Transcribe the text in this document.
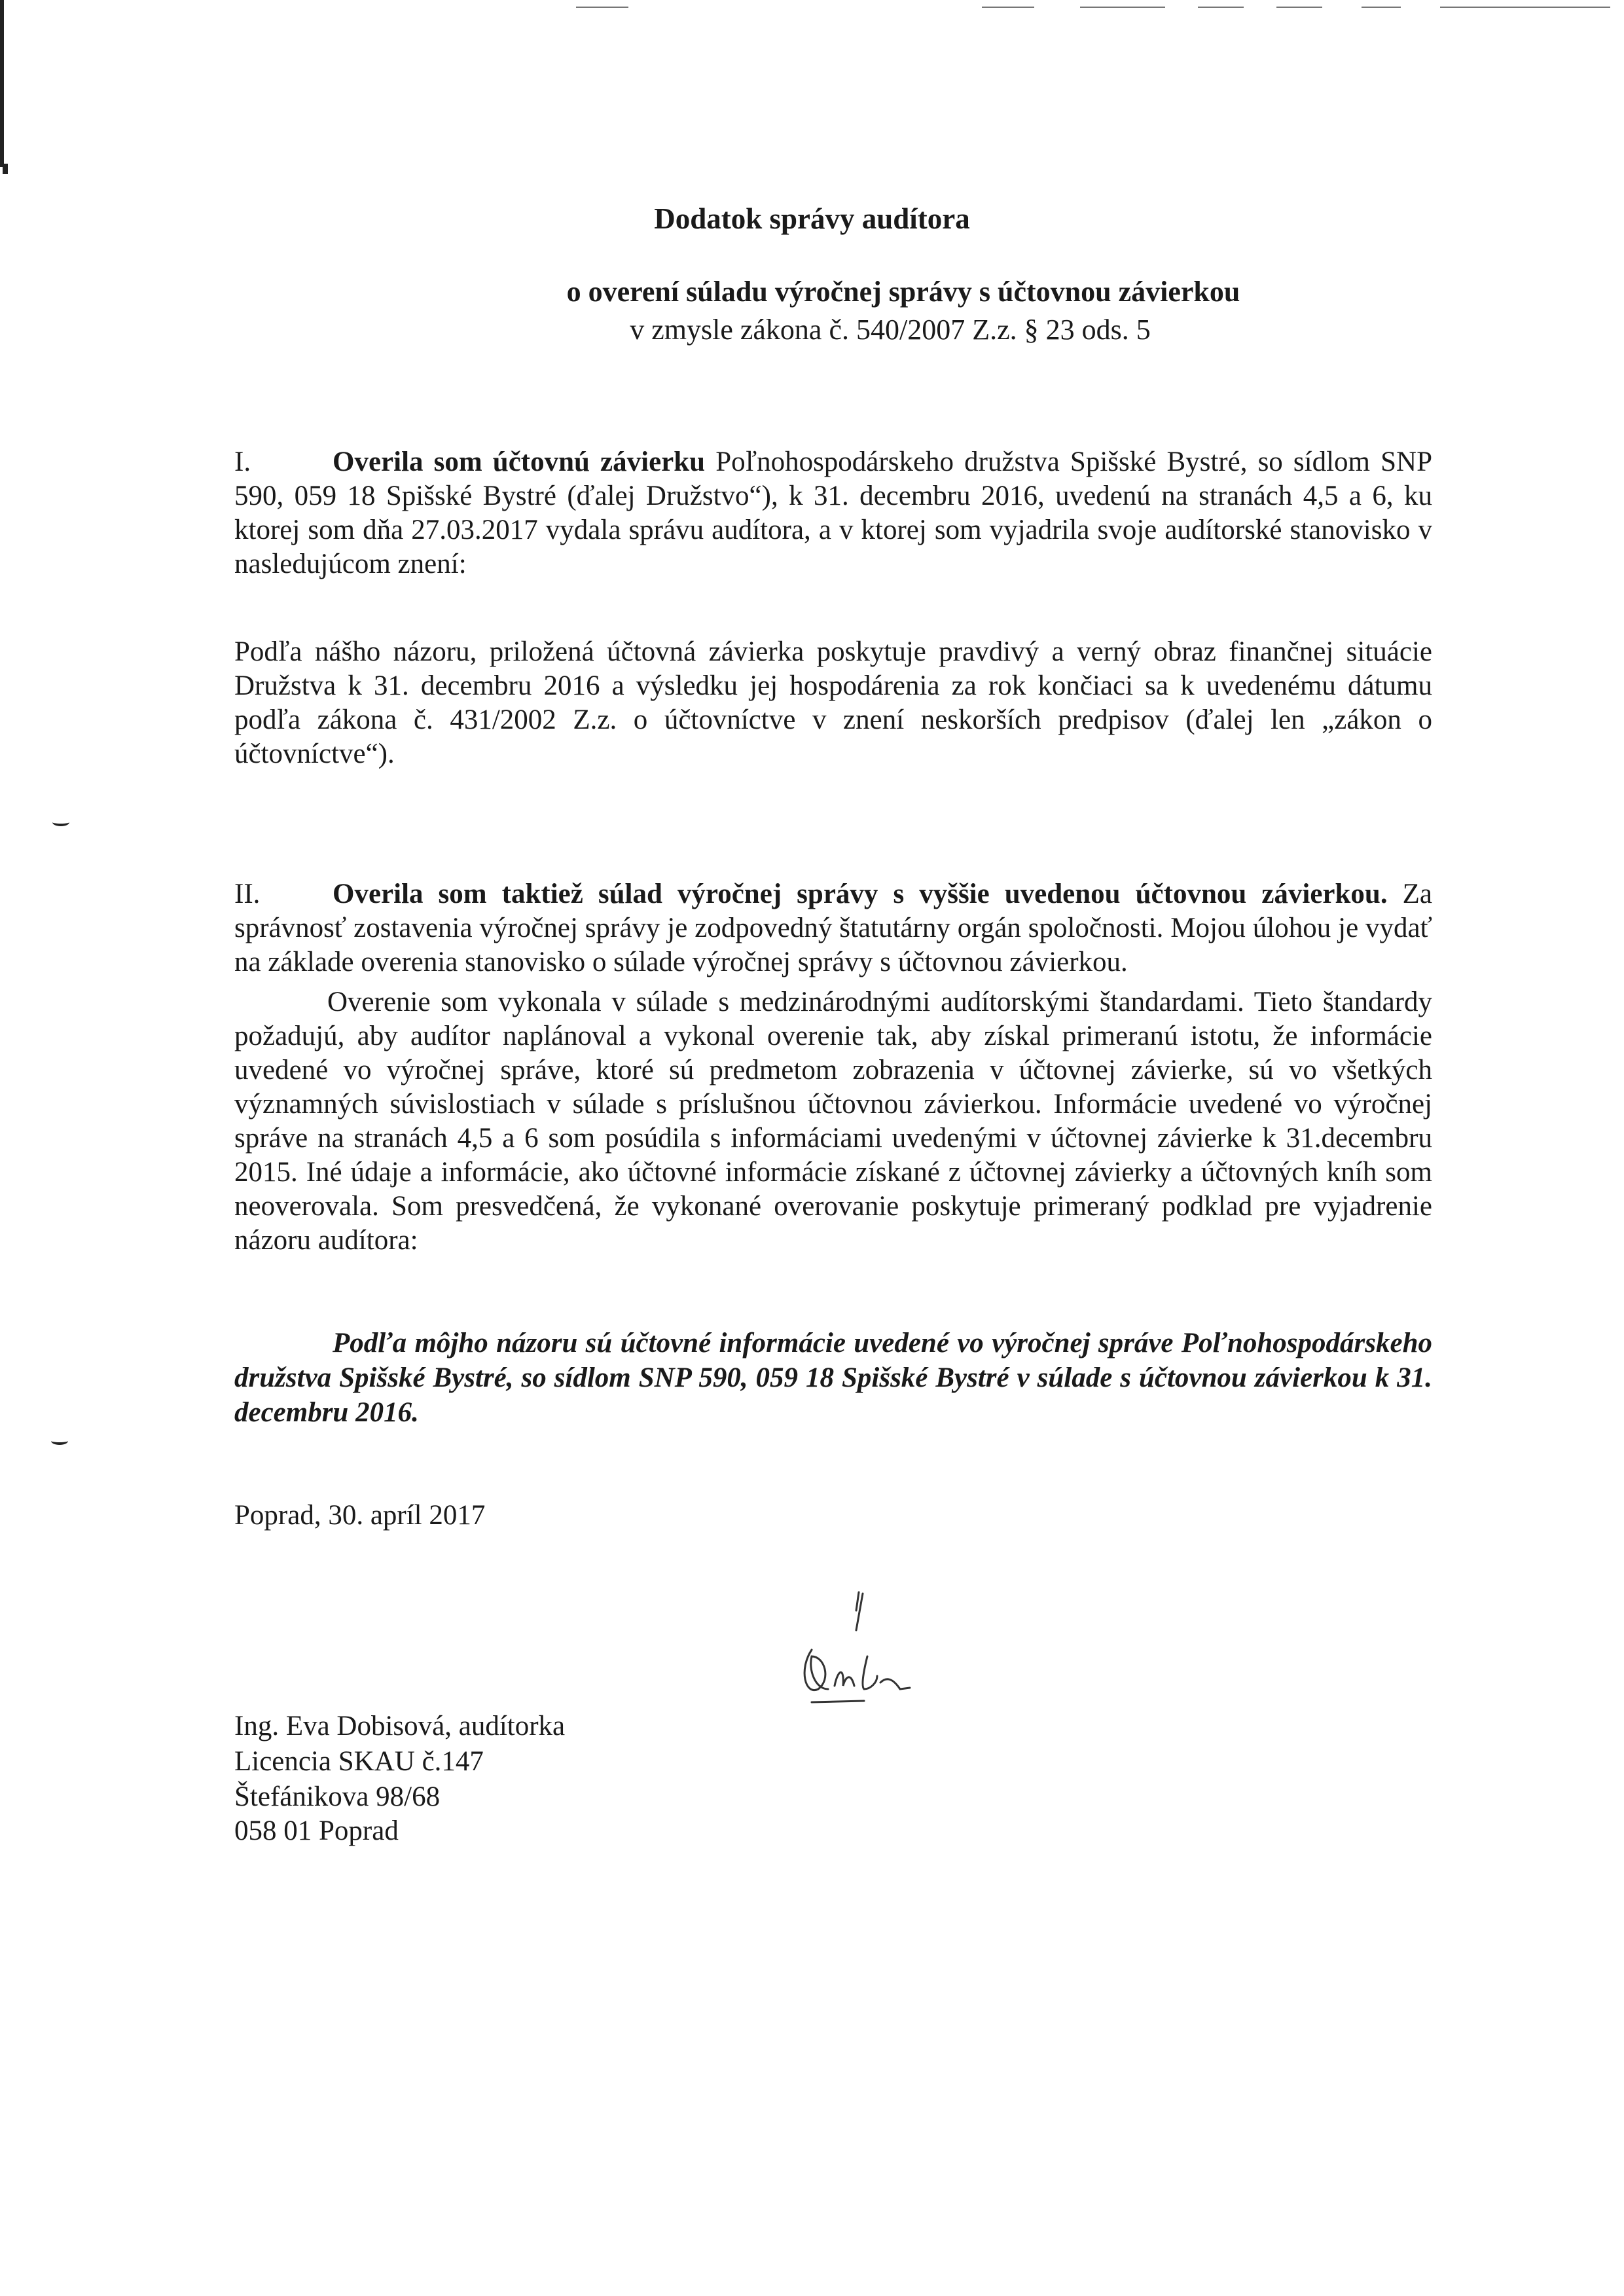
Dodatok správy audítora

o overení súladu výročnej správy s účtovnou závierkou

v zmysle zákona č. 540/2007 Z.z. § 23 ods. 5

I.	Overila som účtovnú závierku Poľnohospodárskeho družstva Spišské Bystré, so sídlom SNP 590, 059 18 Spišské Bystré (ďalej Družstvo“), k 31. decembru 2016, uvedenú na stranách 4,5 a 6, ku ktorej som dňa 27.03.2017 vydala správu audítora, a v ktorej som vyjadrila svoje audítorské stanovisko v nasledujúcom znení:

Podľa nášho názoru, priložená účtovná závierka poskytuje pravdivý a verný obraz finančnej situácie Družstva k 31. decembru 2016 a výsledku jej hospodárenia za rok končiaci sa k uvedenému dátumu podľa zákona č. 431/2002 Z.z. o účtovníctve v znení neskorších predpisov (ďalej len „zákon o účtovníctve“).

II.	Overila som taktiež súlad výročnej správy s vyššie uvedenou účtovnou závierkou. Za správnosť zostavenia výročnej správy je zodpovedný štatutárny orgán spoločnosti. Mojou úlohou je vydať na základe overenia stanovisko o súlade výročnej správy s účtovnou závierkou.

Overenie som vykonala v súlade s medzinárodnými audítorskými štandardami. Tieto štandardy požadujú, aby audítor naplánoval a vykonal overenie tak, aby získal primeranú istotu, že informácie uvedené vo výročnej správe, ktoré sú predmetom zobrazenia v účtovnej závierke, sú vo všetkých významných súvislostiach v súlade s príslušnou účtovnou závierkou. Informácie uvedené vo výročnej správe na stranách 4,5 a 6 som posúdila s informáciami uvedenými v účtovnej závierke k 31.decembru 2015. Iné údaje a informácie, ako účtovné informácie získané z účtovnej závierky a účtovných kníh som neoverovala. Som presvedčená, že vykonané overovanie poskytuje primeraný podklad pre vyjadrenie názoru audítora:

Podľa môjho názoru sú účtovné informácie uvedené vo výročnej správe Poľnohospodárskeho družstva Spišské Bystré, so sídlom SNP 590, 059 18 Spišské Bystré v súlade s účtovnou závierkou k 31. decembru 2016.

Poprad, 30. apríl 2017

Ing. Eva Dobisová, audítorka

Licencia SKAU č.147

Štefánikova 98/68

058 01 Poprad
